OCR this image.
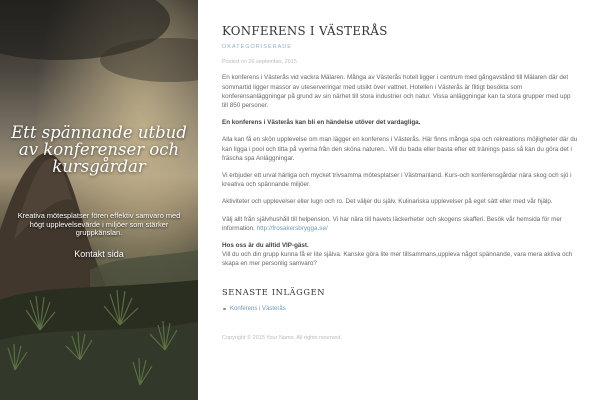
Ett spännande utbud av konferenser och kursgårdar

Kreativa mötesplatser fören effektiv samvaro med högt upplevelsevärde i miljöer som stärker gruppkänslan.

Kontakt sida
KONFERENS I VÄSTERÅS
OKATEGORISERADE
Posted on 26 september, 2015

En konferens i Västerås vid vackra Mälaren. Många av Västerås hotell ligger i centrum med gångavstånd till Mälaren där det sommartid ligger massor av uteserveringar med utsikt över vattnet. Hotellen i Västerås är flitigt besökta som konferensanläggningar på grund av sin närhet till stora industrier och natur. Vissa anläggningar kan ta stora grupper med upp till 850 personer.

En konferens i Västerås kan bli en händelse utöver det vardagliga.

Alla kan få en skön upplevelse om man lägger en konferens i Västerås. Här finns många spa och rekreations möjligheter där du kan ligga i pool och titta på vyerna från den sköna naturen.. Vill du bada eller basta efter ett tränings pass så kan du göra det i fräscha spa Anläggningar.

Vi erbjuder ett urval härliga och mycket trivsamma mötesplatser i Västmanland. Kurs-och konferensgårdar nära skog och sjö i kreativa och spännande miljöer.

Aktiviteter och upplevelser eller lugn och ro. Det väljer du själv. Kulinariska upplevelser på eget sätt eller med vår hjälp.

Välj allt från självhushåll till helpension. Vi har nära till havets läckerheter och skogens skafferi. Besök vår hemsida för mer information. http://frosakersbrygga.se/

Hos oss är du alltid VIP-gäst.
Vill du och din grupp kunna få er lite själva. Kanske göra lite mer tillsammans,uppleva något spännande, vara mera aktiva och skapa en mer personlig samvaro?

SENASTE INLÄGGEN
Konferens i Västerås
Copyright © 2015 Your Name. All rights reserved.
